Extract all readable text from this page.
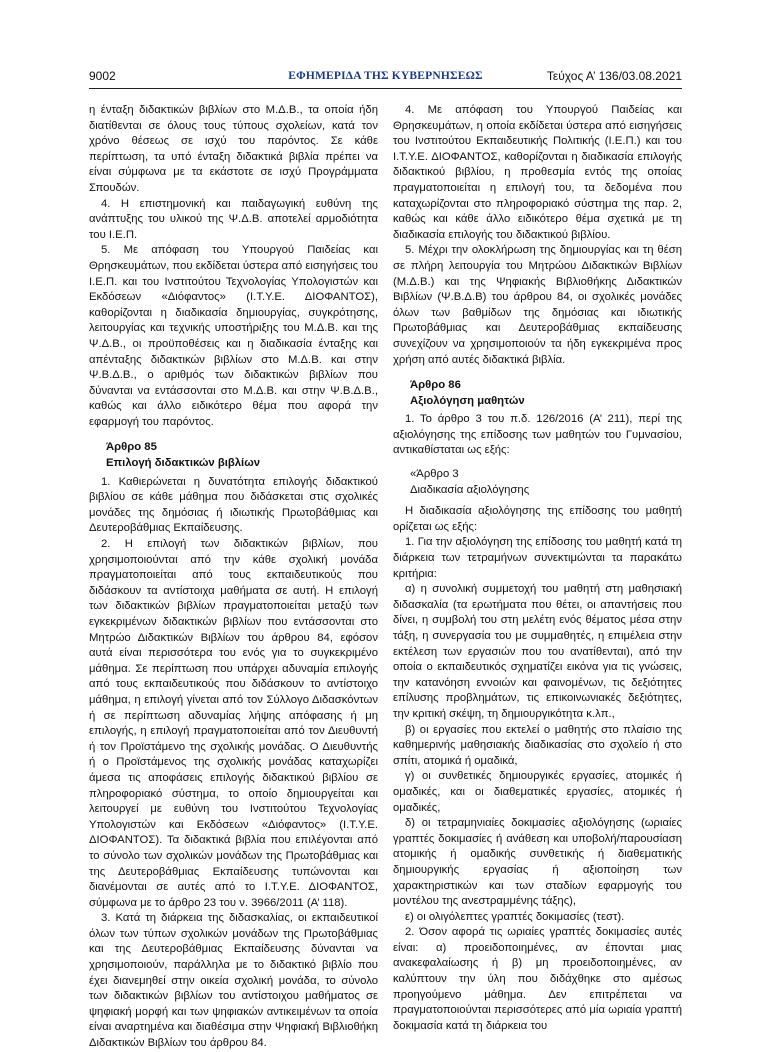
9002	ΕΦΗΜΕΡΙΔΑ ΤΗΣ ΚΥΒΕΡΝΗΣΕΩΣ	Τεύχος Α’ 136/03.08.2021

η ένταξη διδακτικών βιβλίων στο Μ.Δ.Β., τα οποία ήδη διατίθενται σε όλους τους τύπους σχολείων, κατά τον χρόνο θέσεως σε ισχύ του παρόντος. Σε κάθε περίπτωση, τα υπό ένταξη διδακτικά βιβλία πρέπει να είναι σύμφωνα με τα εκάστοτε σε ισχύ Προγράμματα Σπουδών.

4. Η επιστημονική και παιδαγωγική ευθύνη της ανάπτυξης του υλικού της Ψ.Δ.Β. αποτελεί αρμοδιότητα του Ι.Ε.Π.

5. Με απόφαση του Υπουργού Παιδείας και Θρησκευμάτων, που εκδίδεται ύστερα από εισηγήσεις του Ι.Ε.Π. και του Ινστιτούτου Τεχνολογίας Υπολογιστών και Εκδόσεων «Διόφαντος» (Ι.Τ.Υ.Ε. ΔΙΟΦΑΝΤΟΣ), καθορίζονται η διαδικασία δημιουργίας, συγκρότησης, λειτουργίας και τεχνικής υποστήριξης του Μ.Δ.Β. και της Ψ.Δ.Β., οι προϋποθέσεις και η διαδικασία ένταξης και απένταξης διδακτικών βιβλίων στο Μ.Δ.Β. και στην Ψ.Β.Δ.Β., ο αριθμός των διδακτικών βιβλίων που δύνανται να εντάσσονται στο Μ.Δ.Β. και στην Ψ.Β.Δ.Β., καθώς και άλλο ειδικότερο θέμα που αφορά την εφαρμογή του παρόντος.

Άρθρο 85
Επιλογή διδακτικών βιβλίων

1. Καθιερώνεται η δυνατότητα επιλογής διδακτικού βιβλίου σε κάθε μάθημα που διδάσκεται στις σχολικές μονάδες της δημόσιας ή ιδιωτικής Πρωτοβάθμιας και Δευτεροβάθμιας Εκπαίδευσης.

2. Η επιλογή των διδακτικών βιβλίων, που χρησιμοποιούνται από την κάθε σχολική μονάδα πραγματοποιείται από τους εκπαιδευτικούς που διδάσκουν τα αντίστοιχα μαθήματα σε αυτή. Η επιλογή των διδακτικών βιβλίων πραγματοποιείται μεταξύ των εγκεκριμένων διδακτικών βιβλίων που εντάσσονται στο Μητρώο Διδακτικών Βιβλίων του άρθρου 84, εφόσον αυτά είναι περισσότερα του ενός για το συγκεκριμένο μάθημα. Σε περίπτωση που υπάρχει αδυναμία επιλογής από τους εκπαιδευτικούς που διδάσκουν το αντίστοιχο μάθημα, η επιλογή γίνεται από τον Σύλλογο Διδασκόντων ή σε περίπτωση αδυναμίας λήψης απόφασης ή μη επιλογής, η επιλογή πραγματοποιείται από τον Διευθυντή ή τον Προϊστάμενο της σχολικής μονάδας. Ο Διευθυντής ή ο Προϊστάμενος της σχολικής μονάδας καταχωρίζει άμεσα τις αποφάσεις επιλογής διδακτικού βιβλίου σε πληροφοριακό σύστημα, το οποίο δημιουργείται και λειτουργεί με ευθύνη του Ινστιτούτου Τεχνολογίας Υπολογιστών και Εκδόσεων «Διόφαντος» (Ι.Τ.Υ.Ε. ΔΙΟΦΑΝΤΟΣ). Τα διδακτικά βιβλία που επιλέγονται από το σύνολο των σχολικών μονάδων της Πρωτοβάθμιας και της Δευτεροβάθμιας Εκπαίδευσης τυπώνονται και διανέμονται σε αυτές από το Ι.Τ.Υ.Ε. ΔΙΟΦΑΝΤΟΣ, σύμφωνα με το άρθρο 23 του ν. 3966/2011 (Α’ 118).

3. Κατά τη διάρκεια της διδασκαλίας, οι εκπαιδευτικοί όλων των τύπων σχολικών μονάδων της Πρωτοβάθμιας και της Δευτεροβάθμιας Εκπαίδευσης δύνανται να χρησιμοποιούν, παράλληλα με το διδακτικό βιβλίο που έχει διανεμηθεί στην οικεία σχολική μονάδα, το σύνολο των διδακτικών βιβλίων του αντίστοιχου μαθήματος σε ψηφιακή μορφή και των ψηφιακών αντικειμένων τα οποία είναι αναρτημένα και διαθέσιμα στην Ψηφιακή Βιβλιοθήκη Διδακτικών Βιβλίων του άρθρου 84.

4. Με απόφαση του Υπουργού Παιδείας και Θρησκευμάτων, η οποία εκδίδεται ύστερα από εισηγήσεις του Ινστιτούτου Εκπαιδευτικής Πολιτικής (Ι.Ε.Π.) και του Ι.Τ.Υ.Ε. ΔΙΟΦΑΝΤΟΣ, καθορίζονται η διαδικασία επιλογής διδακτικού βιβλίου, η προθεσμία εντός της οποίας πραγματοποιείται η επιλογή του, τα δεδομένα που καταχωρίζονται στο πληροφοριακό σύστημα της παρ. 2, καθώς και κάθε άλλο ειδικότερο θέμα σχετικά με τη διαδικασία επιλογής του διδακτικού βιβλίου.

5. Μέχρι την ολοκλήρωση της δημιουργίας και τη θέση σε πλήρη λειτουργία του Μητρώου Διδακτικών Βιβλίων (Μ.Δ.Β.) και της Ψηφιακής Βιβλιοθήκης Διδακτικών Βιβλίων (Ψ.Β.Δ.Β) του άρθρου 84, οι σχολικές μονάδες όλων των βαθμίδων της δημόσιας και ιδιωτικής Πρωτοβάθμιας και Δευτεροβάθμιας εκπαίδευσης συνεχίζουν να χρησιμοποιούν τα ήδη εγκεκριμένα προς χρήση από αυτές διδακτικά βιβλία.

Άρθρο 86
Αξιολόγηση μαθητών

1. Το άρθρο 3 του π.δ. 126/2016 (Α’ 211), περί της αξιολόγησης της επίδοσης των μαθητών του Γυμνασίου, αντικαθίσταται ως εξής:

«Άρθρο 3
Διαδικασία αξιολόγησης

Η διαδικασία αξιολόγησης της επίδοσης του μαθητή ορίζεται ως εξής:

1. Για την αξιολόγηση της επίδοσης του μαθητή κατά τη διάρκεια των τετραμήνων συνεκτιμώνται τα παρακάτω κριτήρια:

α) η συνολική συμμετοχή του μαθητή στη μαθησιακή διδασκαλία (τα ερωτήματα που θέτει, οι απαντήσεις που δίνει, η συμβολή του στη μελέτη ενός θέματος μέσα στην τάξη, η συνεργασία του με συμμαθητές, η επιμέλεια στην εκτέλεση των εργασιών που του ανατίθενται), από την οποία ο εκπαιδευτικός σχηματίζει εικόνα για τις γνώσεις, την κατανόηση εννοιών και φαινομένων, τις δεξιότητες επίλυσης προβλημάτων, τις επικοινωνιακές δεξιότητες, την κριτική σκέψη, τη δημιουργικότητα κ.λπ.,

β) οι εργασίες που εκτελεί ο μαθητής στο πλαίσιο της καθημερινής μαθησιακής διαδικασίας στο σχολείο ή στο σπίτι, ατομικά ή ομαδικά,

γ) οι συνθετικές δημιουργικές εργασίες, ατομικές ή ομαδικές, και οι διαθεματικές εργασίες, ατομικές ή ομαδικές,

δ) οι τετραμηνιαίες δοκιμασίες αξιολόγησης (ωριαίες γραπτές δοκιμασίες ή ανάθεση και υποβολή/παρουσίαση ατομικής ή ομαδικής συνθετικής ή διαθεματικής δημιουργικής εργασίας ή αξιοποίηση των χαρακτηριστικών και των σταδίων εφαρμογής του μοντέλου της ανεστραμμένης τάξης),

ε) οι ολιγόλεπτες γραπτές δοκιμασίες (τεστ).

2. Όσον αφορά τις ωριαίες γραπτές δοκιμασίες αυτές είναι: α) προειδοποιημένες, αν έπονται μιας ανακεφαλαίωσης ή β) μη προειδοποιημένες, αν καλύπτουν την ύλη που διδάχθηκε στο αμέσως προηγούμενο μάθημα. Δεν επιτρέπεται να πραγματοποιούνται περισσότερες από μία ωριαία γραπτή δοκιμασία κατά τη διάρκεια του
